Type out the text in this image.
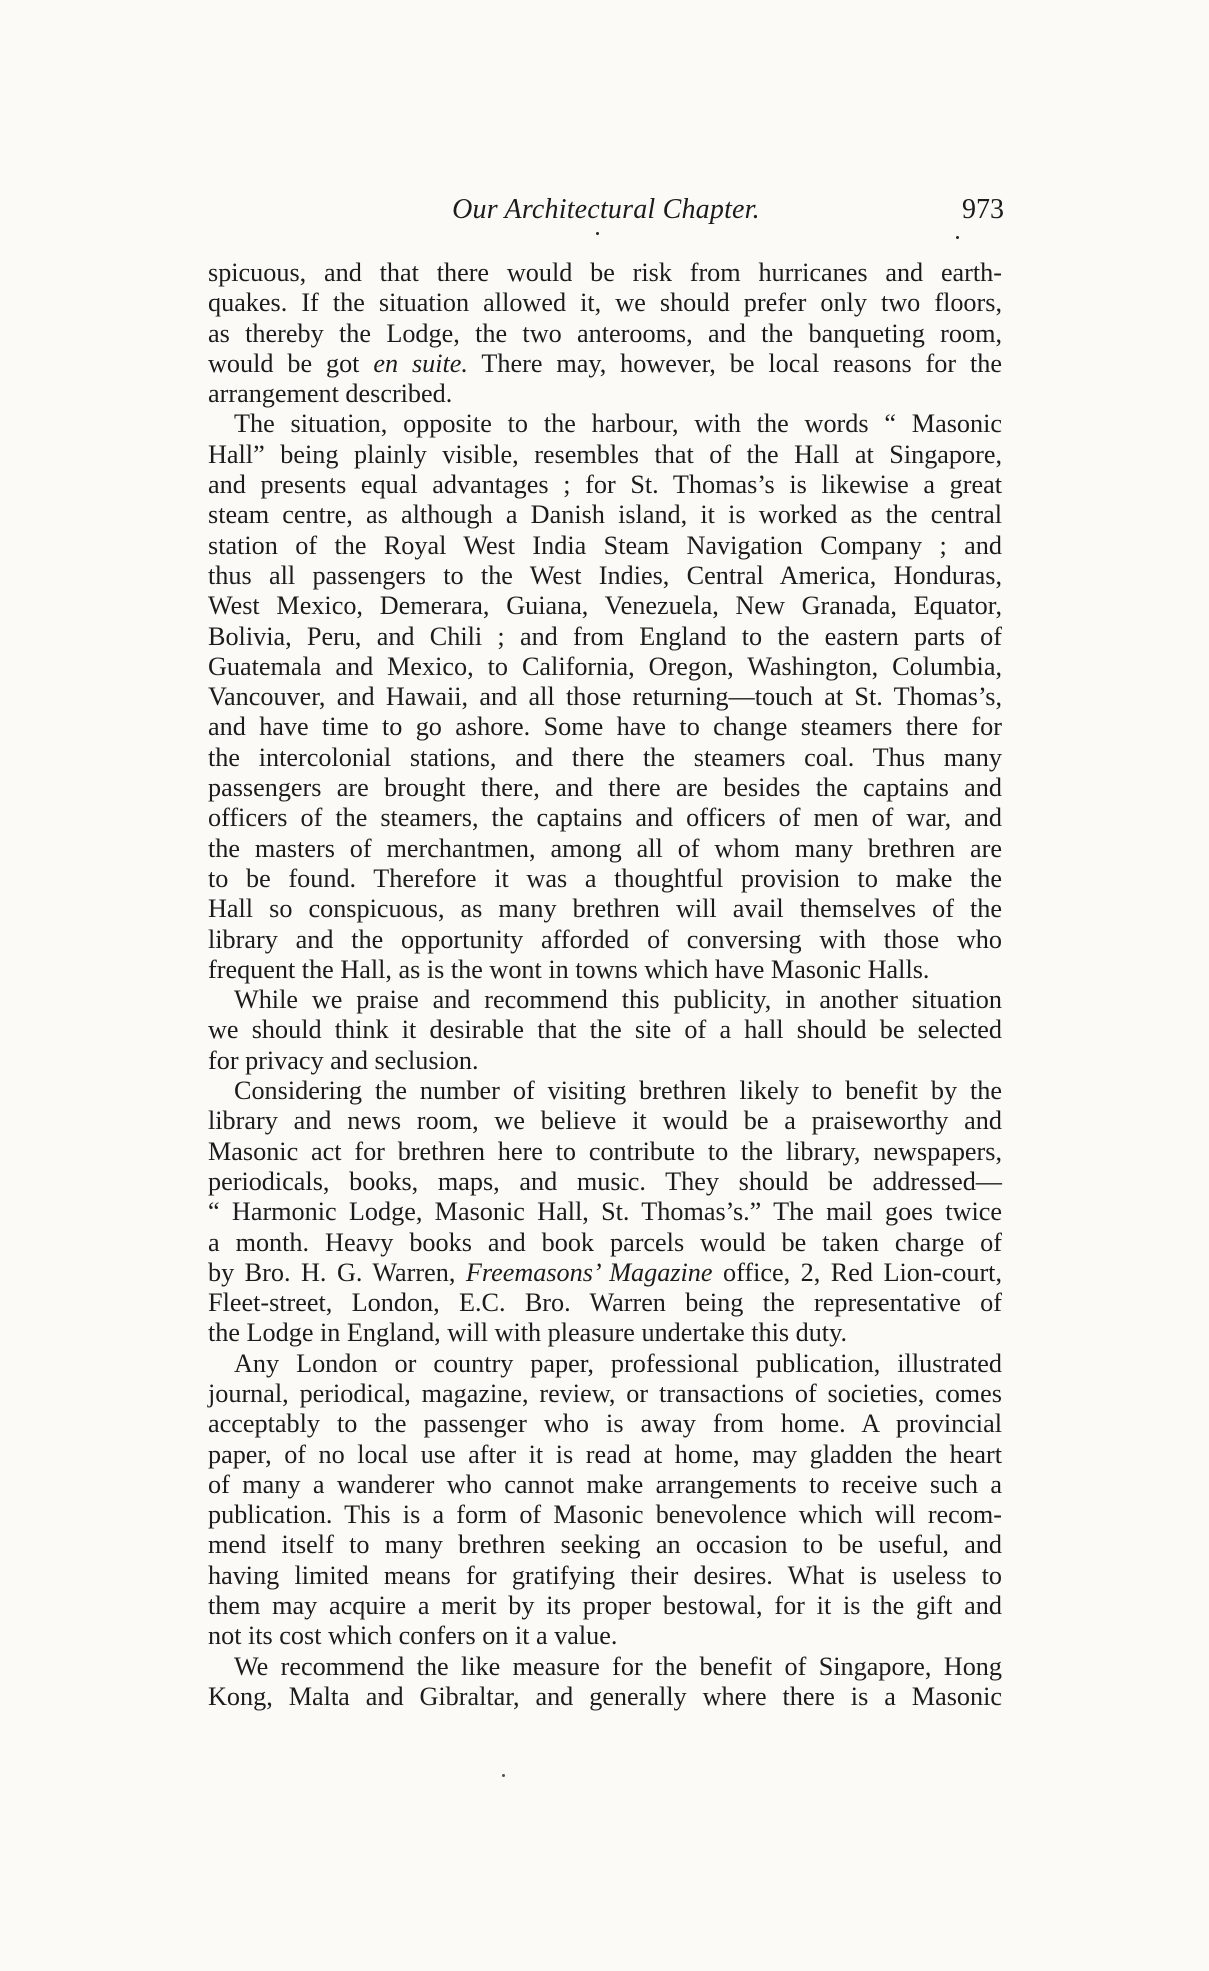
Our Architectural Chapter.	973
spicuous, and that there would be risk from hurricanes and earth-
quakes. If the situation allowed it, we should prefer only two floors,
as thereby the Lodge, the two anterooms, and the banqueting room,
would be got en suite. There may, however, be local reasons for the
arrangement described.
The situation, opposite to the harbour, with the words “ Masonic
Hall” being plainly visible, resembles that of the Hall at Singapore,
and presents equal advantages ; for St. Thomas’s is likewise a great
steam centre, as although a Danish island, it is worked as the central
station of the Royal West India Steam Navigation Company ; and
thus all passengers to the West Indies, Central America, Honduras,
West Mexico, Demerara, Guiana, Venezuela, New Granada, Equator,
Bolivia, Peru, and Chili ; and from England to the eastern parts of
Guatemala and Mexico, to California, Oregon, Washington, Columbia,
Vancouver, and Hawaii, and all those returning—touch at St. Thomas’s,
and have time to go ashore. Some have to change steamers there for
the intercolonial stations, and there the steamers coal. Thus many
passengers are brought there, and there are besides the captains and
officers of the steamers, the captains and officers of men of war, and
the masters of merchantmen, among all of whom many brethren are
to be found. Therefore it was a thoughtful provision to make the
Hall so conspicuous, as many brethren will avail themselves of the
library and the opportunity afforded of conversing with those who
frequent the Hall, as is the wont in towns which have Masonic Halls.
While we praise and recommend this publicity, in another situation
we should think it desirable that the site of a hall should be selected
for privacy and seclusion.
Considering the number of visiting brethren likely to benefit by the
library and news room, we believe it would be a praiseworthy and
Masonic act for brethren here to contribute to the library, newspapers,
periodicals, books, maps, and music. They should be addressed—
“ Harmonic Lodge, Masonic Hall, St. Thomas’s.” The mail goes twice
a month. Heavy books and book parcels would be taken charge of
by Bro. H. G. Warren, Freemasons’ Magazine office, 2, Red Lion-court,
Fleet-street, London, E.C. Bro. Warren being the representative of
the Lodge in England, will with pleasure undertake this duty.
Any London or country paper, professional publication, illustrated
journal, periodical, magazine, review, or transactions of societies, comes
acceptably to the passenger who is away from home. A provincial
paper, of no local use after it is read at home, may gladden the heart
of many a wanderer who cannot make arrangements to receive such a
publication. This is a form of Masonic benevolence which will recom-
mend itself to many brethren seeking an occasion to be useful, and
having limited means for gratifying their desires. What is useless to
them may acquire a merit by its proper bestowal, for it is the gift and
not its cost which confers on it a value.
We recommend the like measure for the benefit of Singapore, Hong
Kong, Malta and Gibraltar, and generally where there is a Masonic
